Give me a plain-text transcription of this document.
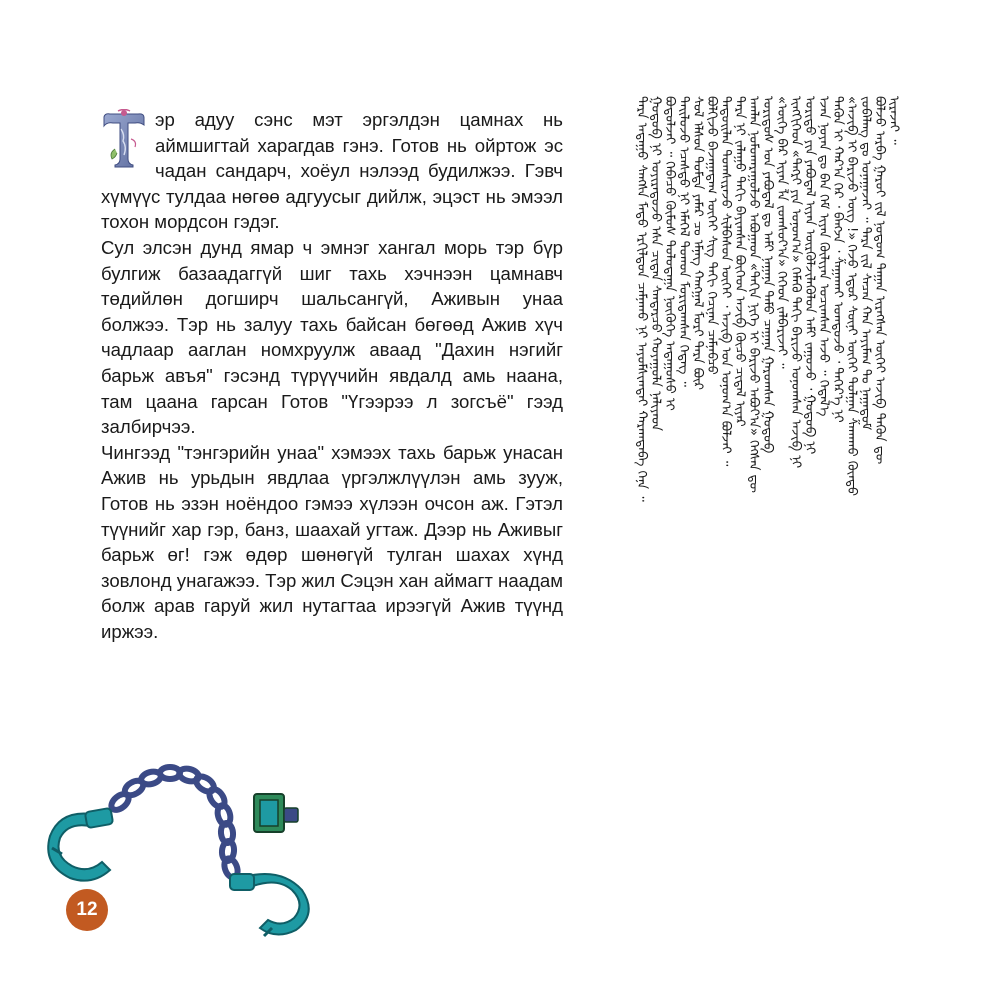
эр адуу сэнс мэт эргэлдэн цамнах нь аймшигтай харагдав гэнэ. Готов нь ойртож эс чадан сандарч, хоёул нэлээд будилжээ. Гэвч хүмүүс тулдаа нөгөө адгуусыг дийлж, эцэст нь эмээл тохон мордсон гэдэг.

Сул элсэн дунд ямар ч эмнэг хангал морь тэр бүр булгиж базаадаггүй шиг тахь хэчнээн цамнавч төдийлөн догширч шальсангүй, Аживын унаа болжээ. Тэр нь залуу тахь байсан бөгөөд Ажив хүч чадлаар ааглан номхруулж аваад "Дахин нэгийг барьж авъя" гэсэнд түрүүчийн явдалд амь наана, там цаана гарсан Готов "Үгээрээ л зогсъё" гээд залбирчээ.

Чингээд "тэнгэрийн унаа" хэмээх тахь барьж унасан Ажив нь урьдын явдлаа үргэлжлүүлэн амь зууж, Готов нь эзэн ноёндоо гэмээ хүлээн очсон аж. Гэтэл түүнийг хар гэр, банз, шаахай угтаж. Дээр нь Аживыг барьж өг! гэж өдөр шөнөгүй тулган шахах хүнд зовлонд унагажээ. Тэр жил Сэцэн хан аймагт наадам болж арав гаруй жил нутагтаа ирээгүй Ажив түүнд иржээ.

ᠲᠡᠷᠡ ᠠᠳᠠᠭᠤ ᠰᠡᠩᠰᠡ ᠮᠡᠲᠦ ᠡᠷᠭᠢᠯᠳᠦᠨ ᠴᠠᠮᠨᠠᠬᠤ ᠨᠢ ᠠᠶᠤᠮᠰᠢᠭᠲᠠᠢ ᠬᠠᠷᠠᠭᠳᠠᠪᠠ ᠭᠡᠨᠡ ᠃ ᠭᠣᠲᠣᠪ ᠨᠢ ᠣᠶᠢᠷᠠᠲᠤᠵᠤ ᠡᠰᠡ ᠴᠢᠳᠠᠨ ᠰᠠᠨᠳᠠᠷᠴᠤ ᠬᠣᠶᠠᠭᠤᠯᠠ ᠨᠡᠯᠢᠶᠡᠳ ᠪᠤᠳᠤᠯᠵᠡᠢ ᠃ ᠭᠡᠪᠡᠴᠦ ᠬᠦᠮᠦᠰ ᠲᠤᠯᠤᠳᠠᠭᠠ ᠨᠥᠭᠥᠭᠡ ᠠᠳᠠᠭᠤᠰᠤ ᠢ ᠳᠡᠢᠯᠦᠵᠦ ᠡᠴᠡᠰᠲᠦ ᠨᠢ ᠡᠮᠡᠭᠡᠯ ᠲᠣᠬᠣᠨ ᠮᠣᠷᠢᠳᠠᠭᠰᠠᠨ ᠭᠡᠳᠡᠭ ᠃ ᠰᠤᠯ ᠡᠯᠰᠦᠨ ᠳᠤᠮᠳᠠ ᠶᠠᠮᠠᠷ ᠴᠤ ᠡᠮᠨᠡᠭ ᠬᠠᠩᠭᠠᠯ ᠮᠣᠷᠢ ᠲᠡᠷᠡ ᠪᠦᠷ ᠪᠤᠯᠭᠢᠵᠤ ᠪᠠᠵᠠᠭᠠᠳᠠᠭ ᠦᠭᠡᠢ ᠰᠢᠭ ᠲᠠᠬᠢ ᠬᠡᠴᠢᠨᠡᠨ ᠴᠠᠮᠨᠠᠪᠴᠤ ᠲᠡᠳᠦᠢᠯᠡᠨ ᠳᠣᠭᠰᠢᠷᠠᠵᠤ ᠰᠢᠯᠪᠠᠰᠤᠨ ᠦᠭᠡᠢ ᠂ ᠠᠵᠢᠪ ᠤᠨ ᠤᠨᠤᠭ᠎ᠠ ᠪᠣᠯᠵᠠᠢ ᠃ ᠲᠡᠷᠡ ᠨᠢ ᠵᠠᠯᠠᠭᠤ ᠲᠠᠬᠢ ᠪᠠᠶᠢᠭᠰᠠᠨ ᠪᠥᠭᠡᠳ ᠠᠵᠢᠪ ᠬᠦᠴᠦ ᠴᠢᠳᠠᠯ ᠢᠶᠠᠷ ᠠᠭᠯᠠᠨ ᠨᠣᠮᠣᠬᠠᠷᠠᠭᠤᠯᠵᠤ ᠠᠪᠤᠭᠠᠳ «ᠳᠠᠬᠢᠨ ᠨᠢᠭᠡ ᠢ ᠪᠠᠷᠢᠵᠤ ᠠᠪᠤᠶ᠎ᠠ» ᠭᠡᠭᠰᠡᠨ ᠳᠦ ᠤᠷᠢᠳᠤᠰ ᠤᠨ ᠶᠠᠪᠤᠳᠠᠯ ᠳᠤ ᠠᠮᠢ ᠨᠠᠭᠠᠨᠠ ᠲᠠᠮᠤ ᠴᠠᠭᠠᠨᠠ ᠭᠠᠷᠤᠭᠰᠠᠨ ᠭᠣᠲᠣᠪ «ᠦᠭᠡ ᠪᠡᠷ ᠢᠶᠡᠨ ᠯᠡ ᠵᠣᠭᠰᠣᠶ᠎ᠠ» ᠭᠡᠭᠡᠳ ᠵᠠᠯᠪᠠᠷᠢᠵᠠᠢ ᠃ ᠢᠩᠭᠢᠭᠡᠳ «ᠲᠩᠷᠢ ᠶᠢᠨ ᠤᠨᠤᠭ᠎ᠠ» ᠬᠡᠮᠡᠬᠦ ᠲᠠᠬᠢ ᠪᠠᠷᠢᠵᠤ ᠤᠨᠤᠭᠰᠠᠨ ᠠᠵᠢᠪ ᠨᠢ ᠤᠷᠢᠳᠤ ᠶᠢᠨ ᠶᠠᠪᠤᠳᠠᠯ ᠢᠶᠠᠨ ᠦᠷᠭᠦᠯᠵᠢᠯᠡᠭᠦᠯᠦᠨ ᠠᠮᠢ ᠵᠠᠭᠤᠵᠤ ᠂ ᠭᠣᠲᠣᠪ ᠨᠢ ᠡᠵᠡᠨ ᠨᠣᠶᠠᠨ ᠳᠤ ᠪᠠᠨ ᠭᠡᠮ ᠢᠶᠡᠨ ᠬᠦᠯᠢᠶᠡᠨ ᠣᠴᠢᠭᠰᠠᠨ ᠠᠵᠤ ᠃ ᠭᠡᠲᠡᠯ᠎ᠡ ᠲᠡᠭᠦᠨ ᠢ ᠬᠠᠷ᠎ᠠ ᠭᠡᠷ ᠂ ᠪᠠᠩᠵᠠ ᠂ ᠱᠠᠭᠠᠬᠠᠢ ᠤᠭᠲᠤᠵᠤ ᠂ ᠳᠡᠭᠡᠷ᠎ᠡ ᠨᠢ «ᠠᠵᠢᠪ ᠢ ᠪᠠᠷᠢᠵᠤ ᠥᠭ !» ᠭᠡᠵᠦ ᠡᠳᠦᠷ ᠰᠦᠨᠢ ᠦᠭᠡᠢ ᠲᠤᠯᠭᠠᠨ ᠱᠠᠬᠠᠬᠤ ᠬᠦᠨᠳᠦ ᠵᠣᠪᠠᠯᠠᠩ ᠳᠤ ᠤᠨᠠᠭᠠᠵᠠᠢ ᠃ ᠲᠡᠷᠡ ᠵᠢᠯ ᠰᠡᠴᠡᠨ ᠬᠠᠨ ᠠᠶᠢᠮᠠᠭ ᠲᠤ ᠨᠠᠭᠠᠳᠤᠮ ᠪᠣᠯᠵᠤ ᠠᠷᠪᠠ ᠭᠠᠷᠤᠢ ᠵᠢᠯ ᠨᠤᠲᠤᠭ ᠲᠠᠭᠠᠨ ᠢᠷᠡᠭᠰᠡᠨ ᠦᠭᠡᠢ ᠠᠵᠢᠪ ᠲᠡᠭᠦᠨ ᠳᠦ ᠢᠷᠡᠵᠡᠢ ᠃
12
